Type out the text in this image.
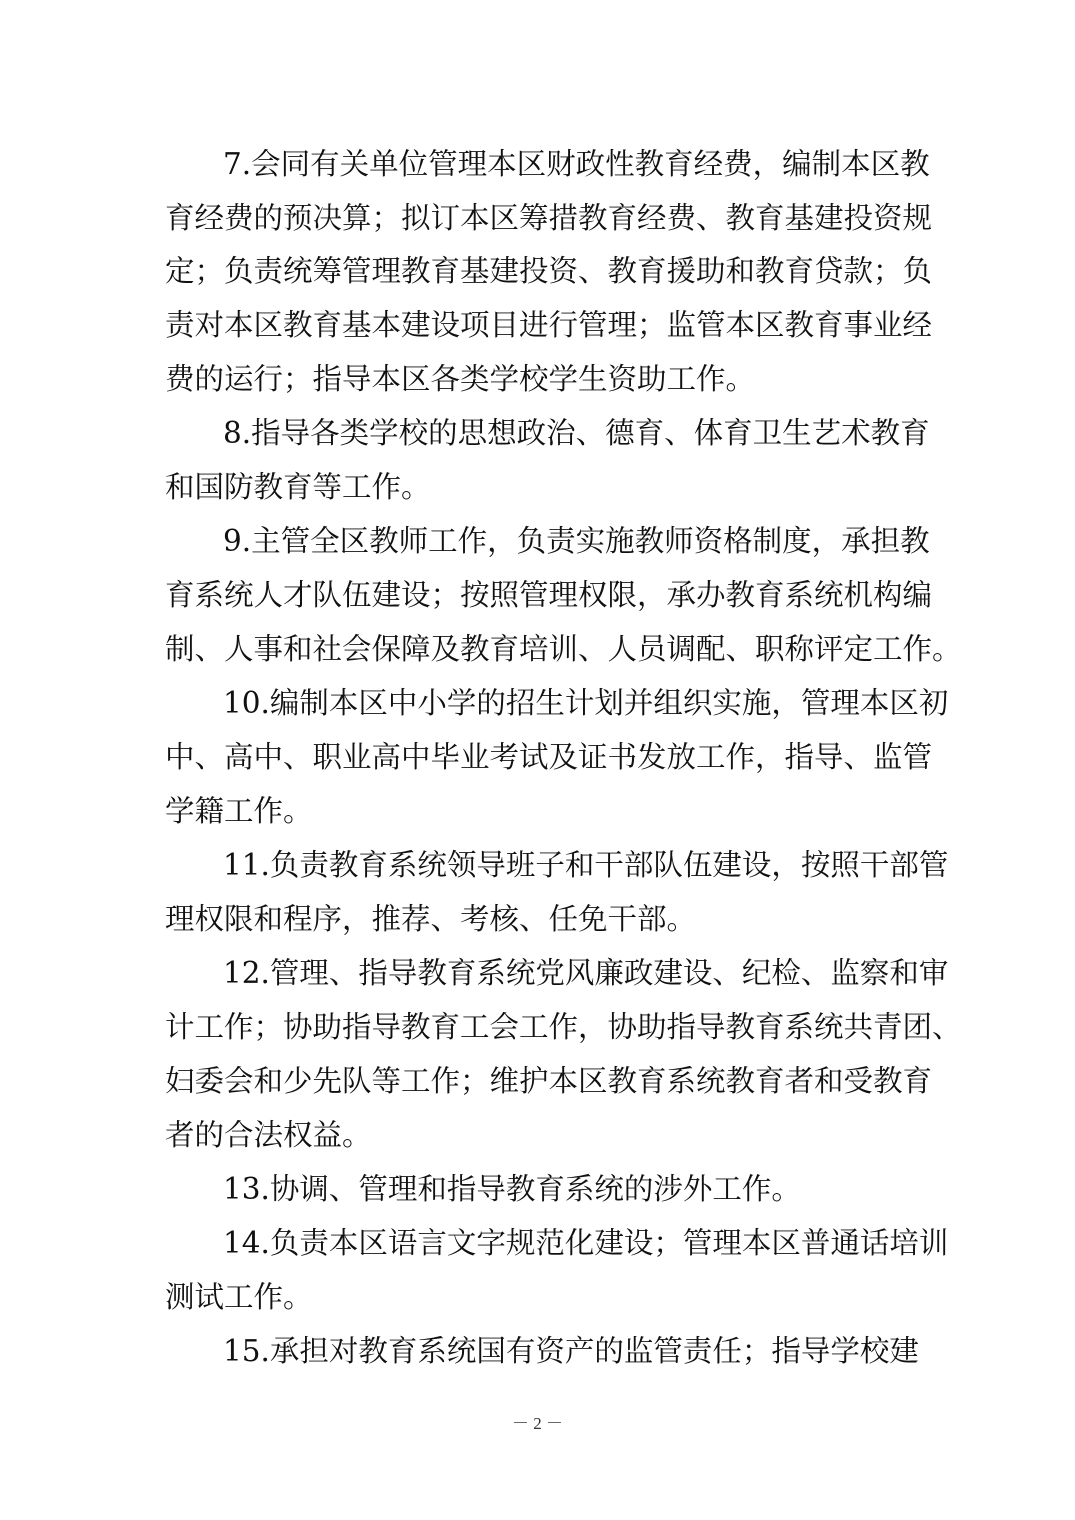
7.会同有关单位管理本区财政性教育经费，编制本区教
育经费的预决算；拟订本区筹措教育经费、教育基建投资规
定；负责统筹管理教育基建投资、教育援助和教育贷款；负
责对本区教育基本建设项目进行管理；监管本区教育事业经
费的运行；指导本区各类学校学生资助工作。
8.指导各类学校的思想政治、德育、体育卫生艺术教育
和国防教育等工作。
9.主管全区教师工作，负责实施教师资格制度，承担教
育系统人才队伍建设；按照管理权限，承办教育系统机构编
制、人事和社会保障及教育培训、人员调配、职称评定工作。
10.编制本区中小学的招生计划并组织实施，管理本区初
中、高中、职业高中毕业考试及证书发放工作，指导、监管
学籍工作。
11.负责教育系统领导班子和干部队伍建设，按照干部管
理权限和程序，推荐、考核、任免干部。
12.管理、指导教育系统党风廉政建设、纪检、监察和审
计工作；协助指导教育工会工作，协助指导教育系统共青团、
妇委会和少先队等工作；维护本区教育系统教育者和受教育
者的合法权益。
13.协调、管理和指导教育系统的涉外工作。
14.负责本区语言文字规范化建设；管理本区普通话培训
测试工作。
15.承担对教育系统国有资产的监管责任；指导学校建
－ 2 －
